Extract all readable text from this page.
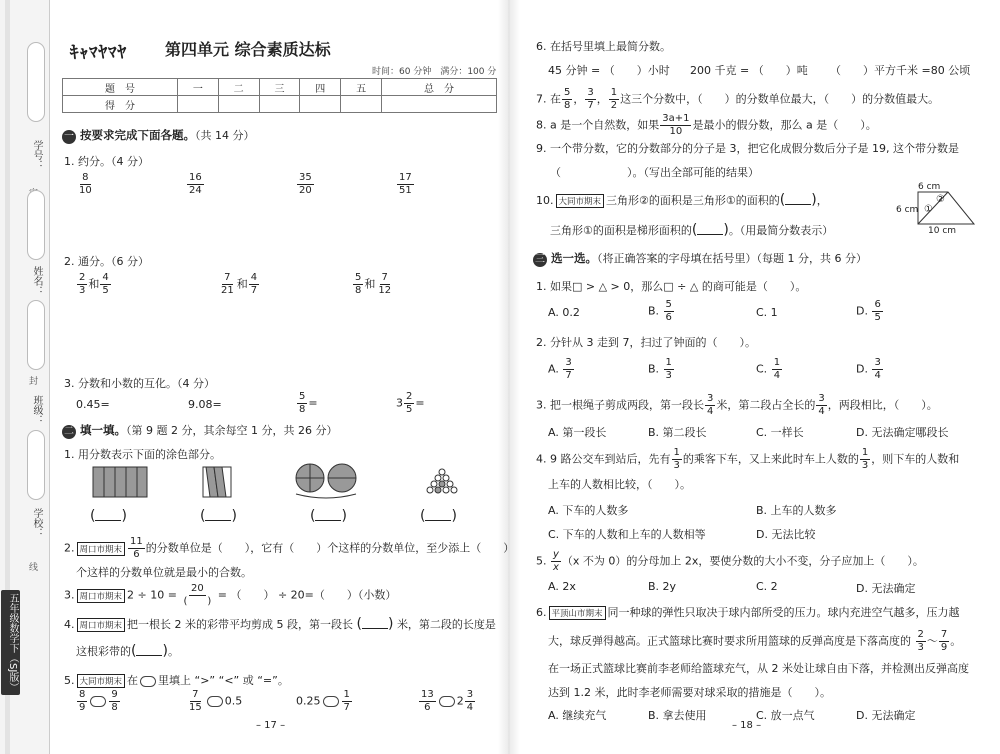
学号：
姓名：
封
班级：
学校：
线
五年级数学下（SJ版）
ｷｬﾏﾔﾏﾔ 第四单元 综合素质达标
时间：60 分钟　满分：100 分
题　号	一	二	三	四	五	总　分
得　分						
一 按要求完成下面各题。（共 14 分）
1. 约分。（4 分）
$\frac{8}{10}$	$\frac{16}{24}$	$\frac{35}{20}$	$\frac{17}{51}$
2. 通分。（6 分）
$\frac{2}{3}$ 和 $\frac{4}{5}$	$\frac{7}{21}$ 和 $\frac{4}{7}$	$\frac{5}{8}$ 和 $\frac{7}{12}$
3. 分数和小数的互化。（4 分）
0.45=	9.08=	$\frac{5}{8}$ =	$3 \frac{2}{5}$ =
二 填一填。（第 9 题 2 分，其余每空 1 分，共 26 分）
1. 用分数表示下面的涂色部分。
( )	( )	( )	( )
2. 周口市期末 $\frac{11}{6}$ 的分数单位是（　　），它有（　　）个这样的分数单位，至少添上（　　）
个这样的分数单位就是最小的合数。
3. 周口市期末 $2 \div 10 = \frac{20}{( )}$ = （　　） ÷ 20=（　　）（小数）
4. 周口市期末 把一根长 2 米的彩带平均剪成 5 段，第一段长 ( ) 米，第二段的长度是
这根彩带的( )。
5. 大同市期末 在 里填上 “>” “<” 或 “=”。
$\frac{8}{9} \frac{9}{8}$	$\frac{7}{15} 0.5$	$0.25 \frac{1}{7}$	$\frac{13}{6} 2 \frac{3}{4}$
– 17 –
6. 在括号里填上最简分数。
45 分钟 = （　　）小时 200 千克 = （　　）吨 （　　）平方千米 =80 公顷
7. 在 $\frac{5}{8}$ ， $\frac{3}{7}$ ， $\frac{1}{2}$ 这三个分数中，（　　）的分数单位最大，（　　）的分数值最大。
8. a 是一个自然数，如果 $\frac{3a+1}{10}$ 是最小的假分数，那么 a 是（　　）。
9. 一个带分数，它的分数部分的分子是 3，把它化成假分数后分子是 19, 这个带分数是
（　　　　　　）。（写出全部可能的结果）
10. 大同市期末 三角形②的面积是三角形①的面积的( )，
三角形①的面积是梯形面积的( )。（用最简分数表示）
6 cm
6 cm
10 cm
①
②
三 选一选。（将正确答案的字母填在括号里）（每题 1 分，共 6 分）
1. 如果□ > △ > 0，那么□ ÷ △ 的商可能是（　　）。
A. 0.2	B. $\frac{5}{6}$	C. 1	D. $\frac{6}{5}$
2. 分针从 3 走到 7，扫过了钟面的（　　）。
A. $\frac{3}{7}$	B. $\frac{1}{3}$	C. $\frac{1}{4}$	D. $\frac{3}{4}$
3. 把一根绳子剪成两段，第一段长 $\frac{3}{4}$ 米，第二段占全长的 $\frac{3}{4}$ ，两段相比，（　　）。
A. 第一段长	B. 第二段长	C. 一样长	D. 无法确定哪段长
4. 9 路公交车到站后，先有 $\frac{1}{3}$ 的乘客下车，又上来此时车上人数的 $\frac{1}{3}$ ，则下车的人数和
上车的人数相比较，（　　）。
A. 下车的人数多	B. 上车的人数多
C. 下车的人数和上车的人数相等	D. 无法比较
5. $\frac{y}{x} (x$ 不为 0）的分母加上 2x，要使分数的大小不变，分子应加上（　　）。
A. 2x	B. 2y	C. 2	D. 无法确定
6. 平顶山市期末 同一种球的弹性只取决于球内部所受的压力。球内充进空气越多，压力越
大，球反弹得越高。正式篮球比赛时要求所用篮球的反弹高度是下落高度的 $\frac{2}{3}$ ～ $\frac{7}{9}$ 。
在一场正式篮球比赛前李老师给篮球充气，从 2 米处让球自由下落，并检测出反弹高度
达到 1.2 米，此时李老师需要对球采取的措施是（　　）。
A. 继续充气	B. 拿去使用	C. 放一点气	D. 无法确定
– 18 –
